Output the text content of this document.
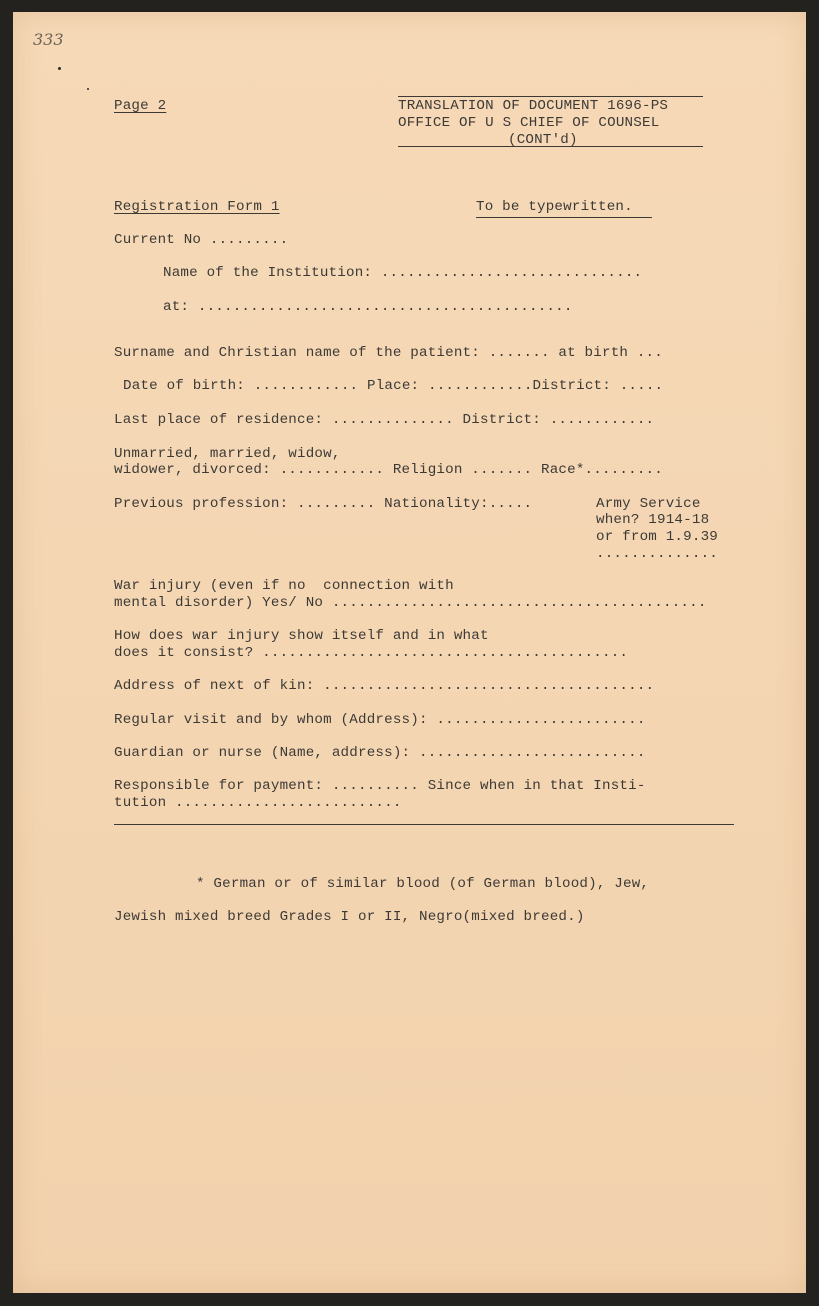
333
Page 2	TRANSLATION OF DOCUMENT 1696-PS
OFFICE OF U S CHIEF OF COUNSEL
(CONT'd)
Registration Form 1	To be typewritten.
Current No .........
Name of the Institution: ..............................
at: ...........................................
Surname and Christian name of the patient: ....... at birth ...
Date of birth: ............ Place: ............District: .....
Last place of residence: .............. District: ............
Unmarried, married, widow,
widower, divorced: ............ Religion ....... Race*.........
Previous profession: ......... Nationality:.....	Army Service
when? 1914-18
or from 1.9.39
..............
War injury (even if no  connection with
mental disorder) Yes/ No ...........................................
How does war injury show itself and in what
does it consist? ..........................................
Address of next of kin: ......................................
Regular visit and by whom (Address): ........................
Guardian or nurse (Name, address): ..........................
Responsible for payment: .......... Since when in that Insti-
tution ..........................
* German or of similar blood (of German blood), Jew,
Jewish mixed breed Grades I or II, Negro(mixed breed.)
